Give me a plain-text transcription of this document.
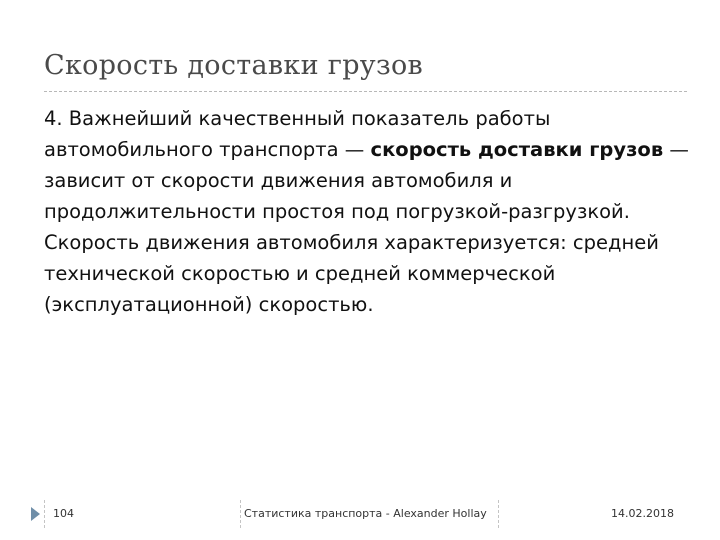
Скорость доставки грузов

4. Важнейший качественный показатель работы автомобильного транспорта — скорость доставки грузов — зависит от скорости движения автомобиля и продолжительности простоя под погрузкой-разгрузкой. Скорость движения автомобиля характеризуется: средней технической скоростью и средней коммерческой (эксплуатационной) скоростью.

104	Статистика транспорта - Alexander Hollay	14.02.2018
